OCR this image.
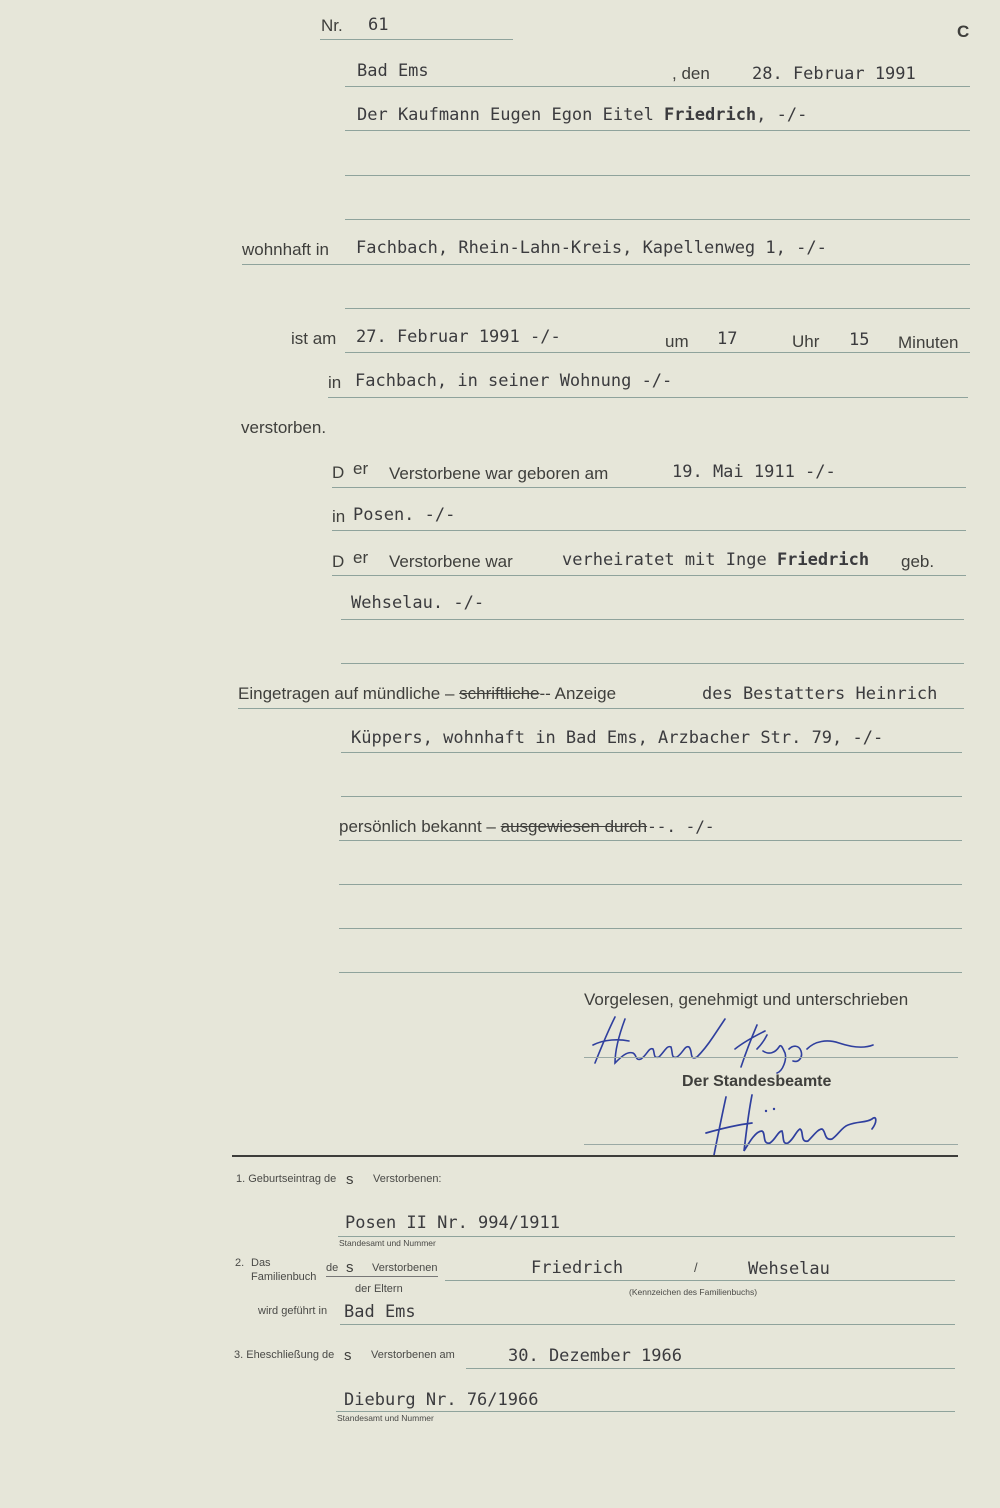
Nr. 61	C
Bad Ems	, den 28. Februar 1991
Der Kaufmann Eugen Egon Eitel Friedrich, -/-
wohnhaft in Fachbach, Rhein-Lahn-Kreis, Kapellenweg 1, -/-
ist am 27. Februar 1991 -/-	um 17	Uhr 15 Minuten
in Fachbach, in seiner Wohnung -/-
verstorben.
D er Verstorbene war geboren am	19. Mai 1911 -/-
in Posen. -/-
D er Verstorbene war	verheiratet mit Inge Friedrich geb.
Wehselau. -/-
Eingetragen auf mündliche – schriftliche-- Anzeige	des Bestatters Heinrich
Küppers, wohnhaft in Bad Ems, Arzbacher Str. 79, -/-
persönlich bekannt – ausgewiesen durch--. -/-
Vorgelesen, genehmigt und unterschrieben
Der Standesbeamte
1. Geburtseintrag de s Verstorbenen:
Posen II Nr. 994/1911
Standesamt und Nummer
2. Das
Familienbuch
de s Verstorbenen
der Eltern
Friedrich	/	Wehselau
(Kennzeichen des Familienbuchs)
wird geführt in Bad Ems
3. Eheschließung de s Verstorbenen am	30. Dezember 1966
Dieburg Nr. 76/1966
Standesamt und Nummer
